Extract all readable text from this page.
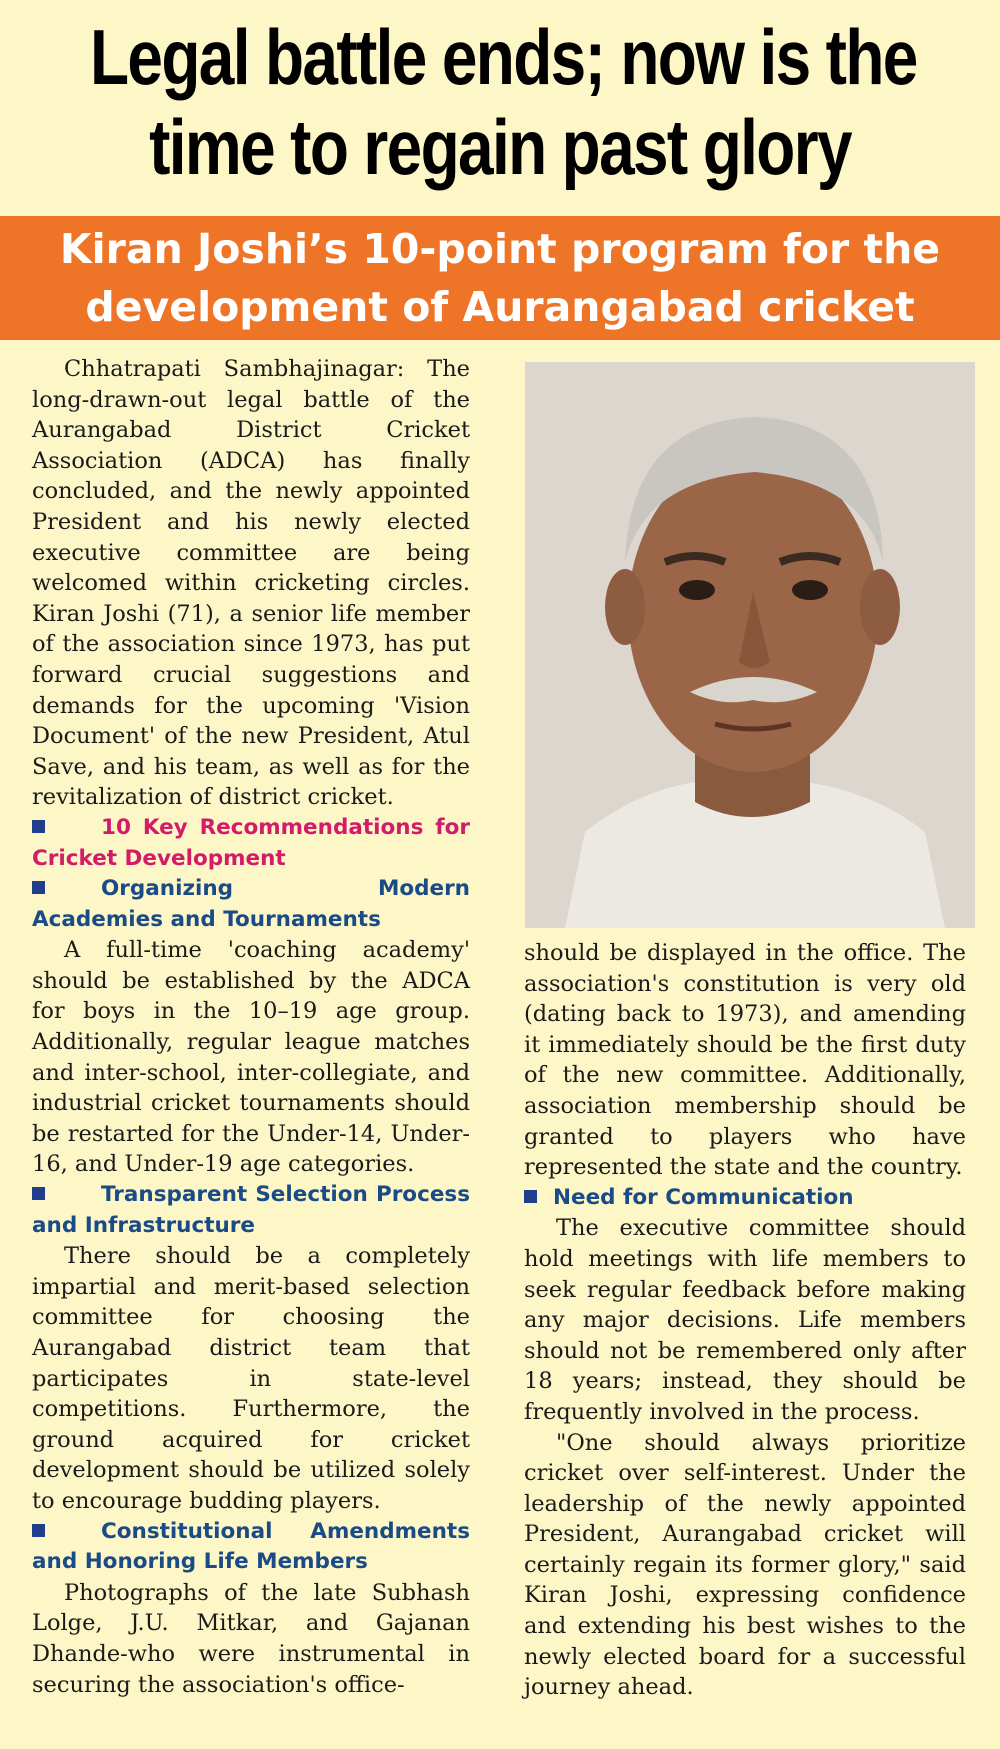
Legal battle ends; now is the
time to regain past glory
Kiran Joshi’s 10-point program for the
development of Aurangabad cricket

Chhatrapati Sambhajinagar: The long-drawn-out legal battle of the Aurangabad District Cricket Association (ADCA) has finally concluded, and the newly appointed President and his newly elected executive committee are being welcomed within cricketing circles. Kiran Joshi (71), a senior life member of the association since 1973, has put forward crucial suggestions and demands for the upcoming 'Vision Document' of the new President, Atul Save, and his team, as well as for the revitalization of district cricket.

10 Key Recommendations for Cricket Development
Organizing Modern Academies and Tournaments

A full-time 'coaching academy' should be established by the ADCA for boys in the 10–19 age group. Additionally, regular league matches and inter-school, inter-collegiate, and industrial cricket tournaments should be restarted for the Under-14, Under-16, and Under-19 age categories.

Transparent Selection Process and Infrastructure

There should be a completely impartial and merit-based selection committee for choosing the Aurangabad district team that participates in state-level competitions. Furthermore, the ground acquired for cricket development should be utilized solely to encourage budding players.

Constitutional Amendments and Honoring Life Members

Photographs of the late Subhash Lolge, J.U. Mitkar, and Gajanan Dhande-who were instrumental in securing the association's office-

should be displayed in the office. The association's constitution is very old (dating back to 1973), and amending it immediately should be the first duty of the new committee. Additionally, association membership should be granted to players who have represented the state and the country.

Need for Communication

The executive committee should hold meetings with life members to seek regular feedback before making any major decisions. Life members should not be remembered only after 18 years; instead, they should be frequently involved in the process.

"One should always prioritize cricket over self-interest. Under the leadership of the newly appointed President, Aurangabad cricket will certainly regain its former glory," said Kiran Joshi, expressing confidence and extending his best wishes to the newly elected board for a successful journey ahead.
